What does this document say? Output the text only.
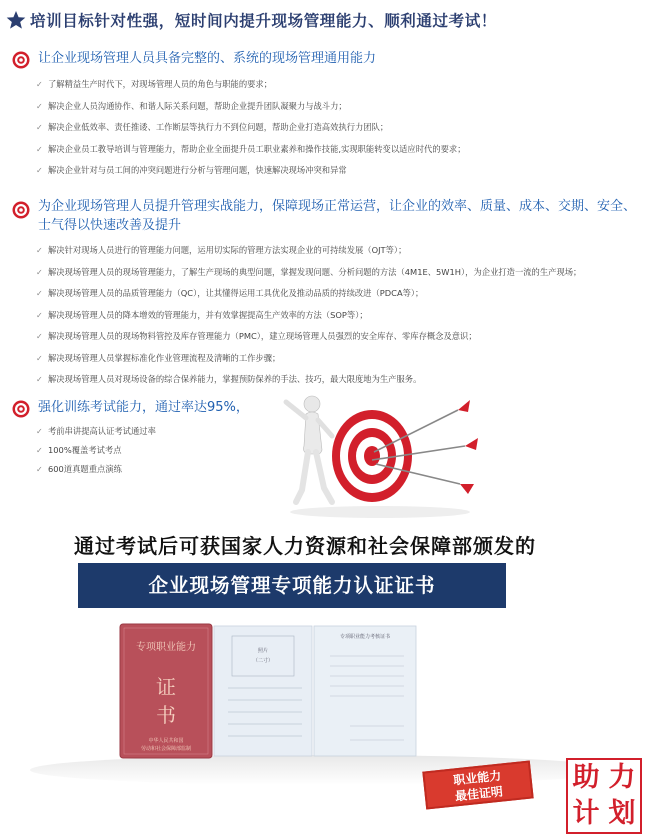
培训目标针对性强，短时间内提升现场管理能力、顺利通过考试！
让企业现场管理人员具备完整的、系统的现场管理通用能力
✓ 了解精益生产时代下，对现场管理人员的角色与职能的要求；
✓ 解决企业人员沟通协作、和谐人际关系问题，帮助企业提升团队凝聚力与战斗力；
✓ 解决企业低效率、责任推诿、工作断层等执行力不到位问题，帮助企业打造高效执行力团队；
✓ 解决企业员工教导培训与管理能力，帮助企业全面提升员工职业素养和操作技能,实现职能转变以适应时代的要求；
✓ 解决企业针对与员工间的冲突问题进行分析与管理问题，快速解决现场冲突和异常
为企业现场管理人员提升管理实战能力，保障现场正常运营，让企业的效率、质量、成本、交期、安全、士气得以快速改善及提升
✓ 解决针对现场人员进行的管理能力问题，运用切实际的管理方法实现企业的可持续发展（OJT等）；
✓ 解决现场管理人员的现场管理能力，了解生产现场的典型问题，掌握发现问题、分析问题的方法（4M1E、5W1H），为企业打造一流的生产现场；
✓ 解决现场管理人员的品质管理能力（QC），让其懂得运用工具优化及推动品质的持续改进（PDCA等）；
✓ 解决现场管理人员的降本增效的管理能力，并有效掌握提高生产效率的方法（SOP等）；
✓ 解决现场管理人员的现场物料管控及库存管理能力（PMC），建立现场管理人员强烈的安全库存、零库存概念及意识；
✓ 解决现场管理人员掌握标准化作业管理流程及清晰的工作步骤；
✓ 解决现场管理人员对现场设备的综合保养能力，掌握预防保养的手法、技巧，最大限度地为生产服务。
强化训练考试能力，通过率达95%，
✓ 考前串讲提高认证考试通过率
✓ 100%覆盖考试考点
✓ 600道真题重点演练
通过考试后可获国家人力资源和社会保障部颁发的
企业现场管理专项能力认证证书
专项职业能力
证
书
中华人民共和国
劳动和社会保障部监制
照片
（二寸）
专项职业能力考核证书
职业能力
最佳证明
助 力
计 划
